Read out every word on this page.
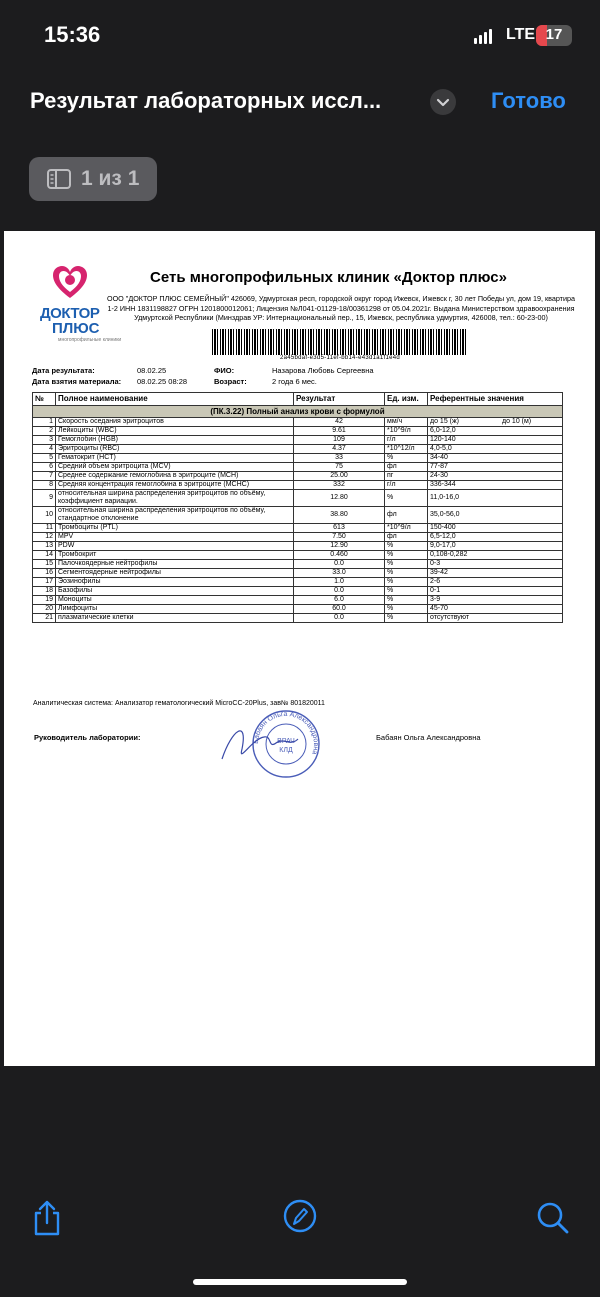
15:36	LTE 17
Результат лабораторных иссл...	Готово
1 из 1
ДОКТОР
ПЛЮС
многопрофильные клиники
Сеть многопрофильных клиник «Доктор плюс»
ООО "ДОКТОР ПЛЮС СЕМЕЙНЫЙ" 426069, Удмуртская респ, городской округ город Ижевск, Ижевск г, 30 лет Победы ул, дом 19, квартира 1-2 ИНН 1831198827 ОГРН 1201800012061; Лицензия №Л041-01129-18/00361298 от 05.04.2021г. Выдана Министерством здравоохранения Удмуртской Республики (Минздрав УР: Интернациональный пер., 15, Ижевск, республика удмуртия, 426008, тел.: 60-23-00)
2a45bdaf-e3d5-11ef-bb14-e43d1a1f1e4d
Дата результата:	08.02.25	ФИО:	Назарова Любовь Сергеевна
Дата взятия материала: 08.02.25 08:28	Возраст:	2 года 6 мес.
№	Полное наименование	Результат	Ед. изм.	Референтные значения
(ПК.3.22) Полный анализ крови с формулой				
1	Скорость оседания эритроцитов	42	мм/ч	до 15 (ж) до 10 (м)
2	Лейкоциты (WBC)	9.61	*10^9/л	6,0-12,0
3	Гемоглобин (HGB)	109	г/л	120-140
4	Эритроциты (RBC)	4.37	*10^12/л	4,0-5,0
5	Гематокрит (HCT)	33	%	34-40
6	Средний объем эритроцита (MCV)	75	фл	77-87
7	Среднее содержание гемоглобина в эритроците (MCH)	25.00	пг	24-30
8	Средняя концентрация гемоглобина в эритроците (MCHC)	332	г/л	336-344
9	относительная ширина распределения эритроцитов по объёму, коэффициент вариации.	12.80	%	11,0-16,0
10	относительная ширина распределения эритроцитов по объёму, стандартное отклонение	38.80	фл	35,0-56,0
11	Тромбоциты (PTL)	613	*10^9/л	150-400
12	MPV	7.50	фл	6,5-12,0
13	PDW	12.90	%	9,0-17,0
14	Тромбокрит	0.460	%	0,108-0,282
15	Палочкоядерные нейтрофилы	0.0	%	0-3
16	Сегментоядерные нейтрофилы	33.0	%	39-42
17	Эозинофилы	1.0	%	2-6
18	Базофилы	0.0	%	0-1
19	Моноциты	6.0	%	3-9
20	Лимфоциты	60.0	%	45-70
21	плазматические клетки	0.0	%	отсутствуют
Аналитическая система: Анализатор гематологический MicroCC-20Plus, зав№ 801820011
Руководитель лаборатории:	Бабаян Ольга Александровна
Бабаян Ольга Александровна
ВРАЧ
КЛД
